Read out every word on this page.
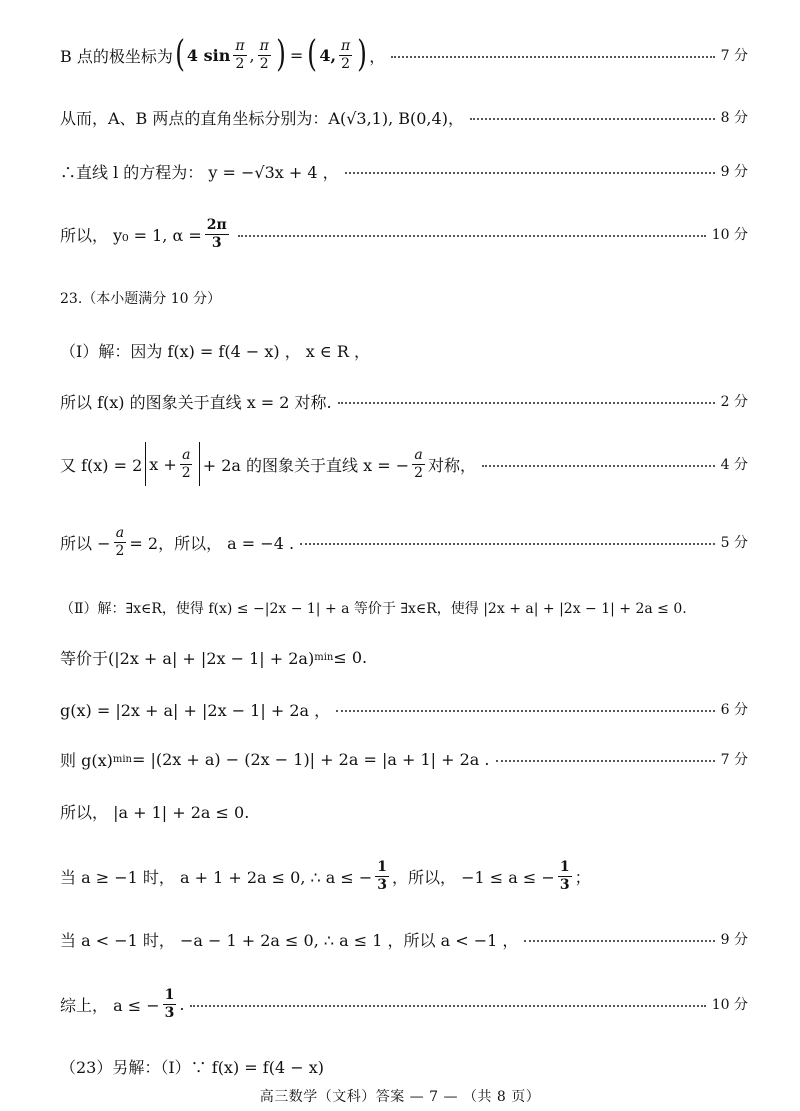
B 点的极坐标为 ( 4 $\sin \frac{\pi}{2}$ , $\frac{\pi}{2}$ ) = ( 4, $\frac{\pi}{2}$ ) ，	7 分
从而，A、B 两点的直角坐标分别为：A(√3,1), B(0,4)，	8 分
∴直线 l 的方程为： y = −√3x + 4 ，	9 分
所以， y₀ = 1, $\alpha = \frac{2\pi}{3}$	10 分
23.（本小题满分 10 分）
（Ⅰ）解：因为 f(x) = f(4 − x) ， x ∈ R ，
所以 f(x) 的图象关于直线 x = 2 对称.	2 分
又 f(x) = 2 $x + \frac{a}{2} + 2a$ 的图象关于直线 x = − $\frac{a}{2}$ 对称，	4 分
所以 − $\frac{a}{2} = 2$，所以， a = −4 .	5 分
（Ⅱ）解：∃x∈R，使得 f(x) ≤ −|2x − 1| + a 等价于 ∃x∈R，使得 |2x + a| + |2x − 1| + 2a ≤ 0.
等价于(|2x + a| + |2x − 1| + 2a) min ≤ 0.
g(x) = |2x + a| + |2x − 1| + 2a ，	6 分
则 g(x) min = |(2x + a) − (2x − 1)| + 2a = |a + 1| + 2a .	7 分
所以， |a + 1| + 2a ≤ 0.
当 a ≥ −1 时， a + 1 + 2a ≤ 0, ∴ a ≤ − $\frac{1}{3}$ ，所以， −1 ≤ a ≤ − $\frac{1}{3}$ ；
当 a < −1 时， −a − 1 + 2a ≤ 0, ∴ a ≤ 1 ，所以 a < −1 ，	9 分
综上， a ≤ − $\frac{1}{3}$ .	10 分
（23）另解：（Ⅰ）∵ f(x) = f(4 − x)
高三数学（文科）答案 — 7 — （共 8 页）
